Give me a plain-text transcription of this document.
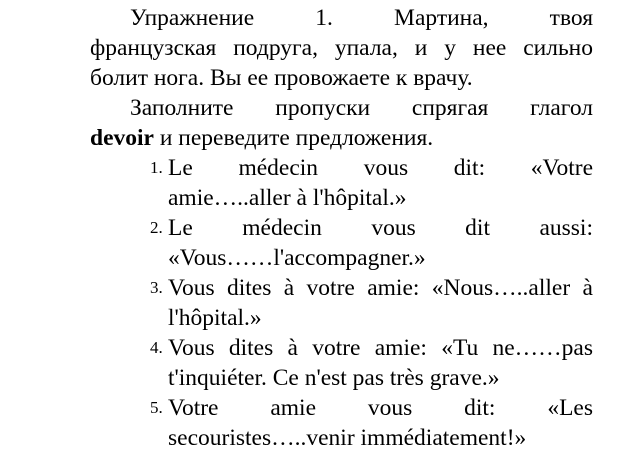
Упражнение 1. Мартина, твоя
французская подруга, упала, и у нее сильно
болит нога. Вы ее провожаете к врачу.

Заполните пропуски спрягая глагол
devoir и переведите предложения.

1. Le médecin vous dit: «Votre
amie…..aller à l'hôpital.»
2. Le médecin vous dit aussi:
«Vous……l'accompagner.»
3. Vous dites à votre amie: «Nous…..aller à
l'hôpital.»
4. Vous dites à votre amie: «Tu ne……pas
t'inquiéter. Ce n'est pas très grave.»
5. Votre amie vous dit: «Les
secouristes…..venir immédiatement!»
